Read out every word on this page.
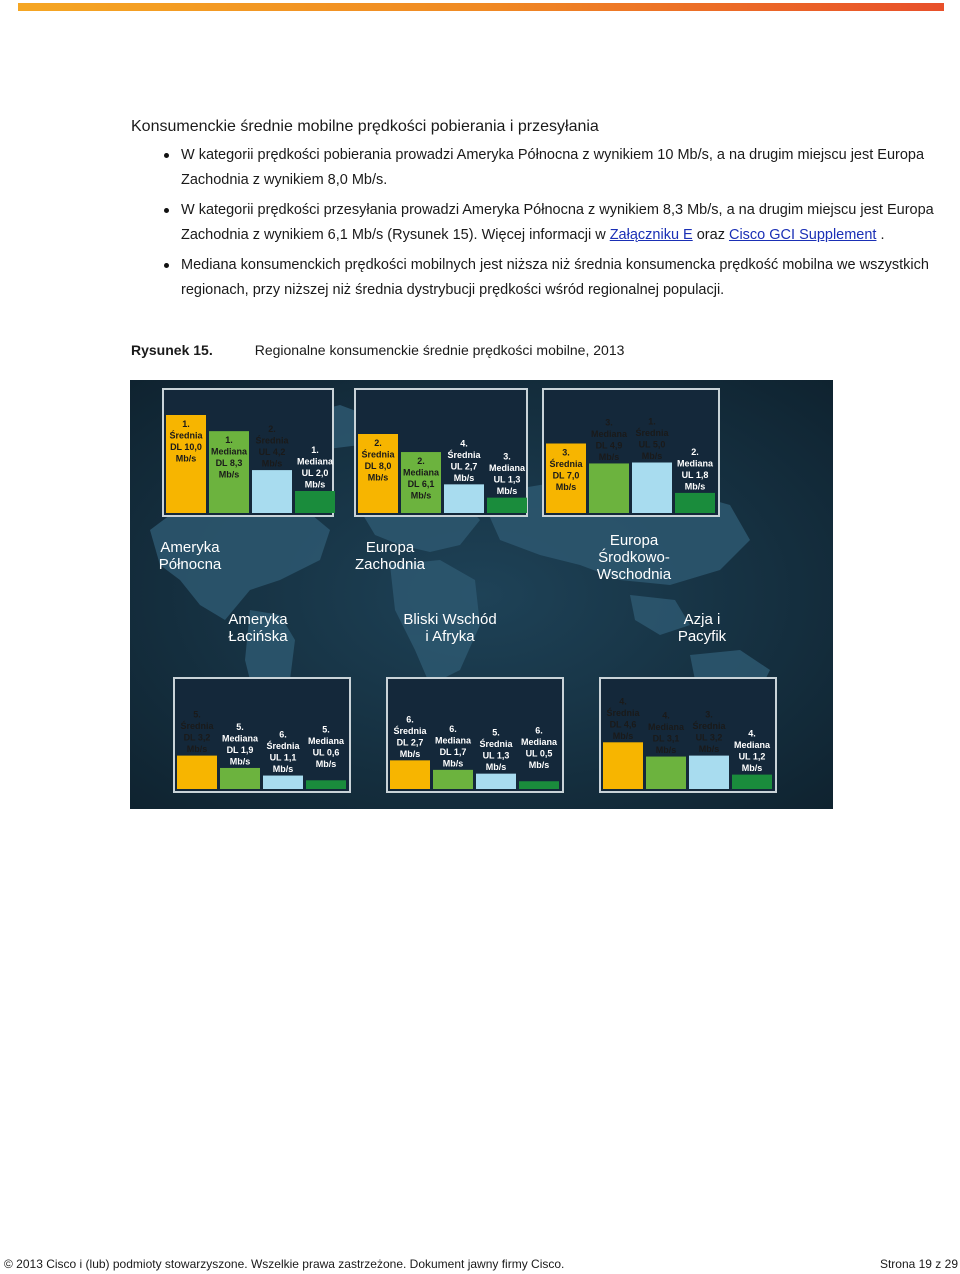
Konsumenckie średnie mobilne prędkości pobierania i przesyłania
W kategorii prędkości pobierania prowadzi Ameryka Północna z wynikiem 10 Mb/s, a na drugim miejscu jest Europa Zachodnia z wynikiem 8,0 Mb/s.
W kategorii prędkości przesyłania prowadzi Ameryka Północna z wynikiem 8,3 Mb/s, a na drugim miejscu jest Europa Zachodnia z wynikiem 6,1 Mb/s (Rysunek 15). Więcej informacji w Załączniku E oraz Cisco GCI Supplement .
Mediana konsumenckich prędkości mobilnych jest niższa niż średnia konsumencka prędkość mobilna we wszystkich regionach, przy niższej niż średnia dystrybucji prędkości wśród regionalnej populacji.
Rysunek 15.	Regionalne konsumenckie średnie prędkości mobilne, 2013
1. Średnia DL 10,0 Mb/s
1. Mediana DL 8,3 Mb/s
2. Średnia UL 4,2 Mb/s
1. Mediana UL 2,0 Mb/s
Ameryka Północna
2. Średnia DL 8,0 Mb/s
2. Mediana DL 6,1 Mb/s
4. Średnia UL 2,7 Mb/s
3. Mediana UL 1,3 Mb/s
Europa Zachodnia
3. Średnia DL 7,0 Mb/s
3. Mediana DL 4,9 Mb/s
1. Średnia UL 5,0 Mb/s	2. Mediana UL 1,8 Mb/s
Europa Środkowo-Wschodnia
5. Średnia DL 3,2 Mb/s
5. Mediana DL 1,9 Mb/s
6. Średnia UL 1,1 Mb/s
5. Mediana UL 0,6 Mb/s
Ameryka Łacińska
6. Średnia DL 2,7 Mb/s
6. Mediana DL 1,7 Mb/s
5. Średnia UL 1,3 Mb/s
6. Mediana UL 0,5 Mb/s
Bliski Wschód i Afryka
4. Średnia DL 4,6 Mb/s
4. Mediana DL 3,1 Mb/s
3. Średnia UL 3,2 Mb/s
4. Mediana UL 1,2 Mb/s
Azja i Pacyfik
© 2013 Cisco i (lub) podmioty stowarzyszone. Wszelkie prawa zastrzeżone. Dokument jawny firmy Cisco.	Strona 19 z 29
